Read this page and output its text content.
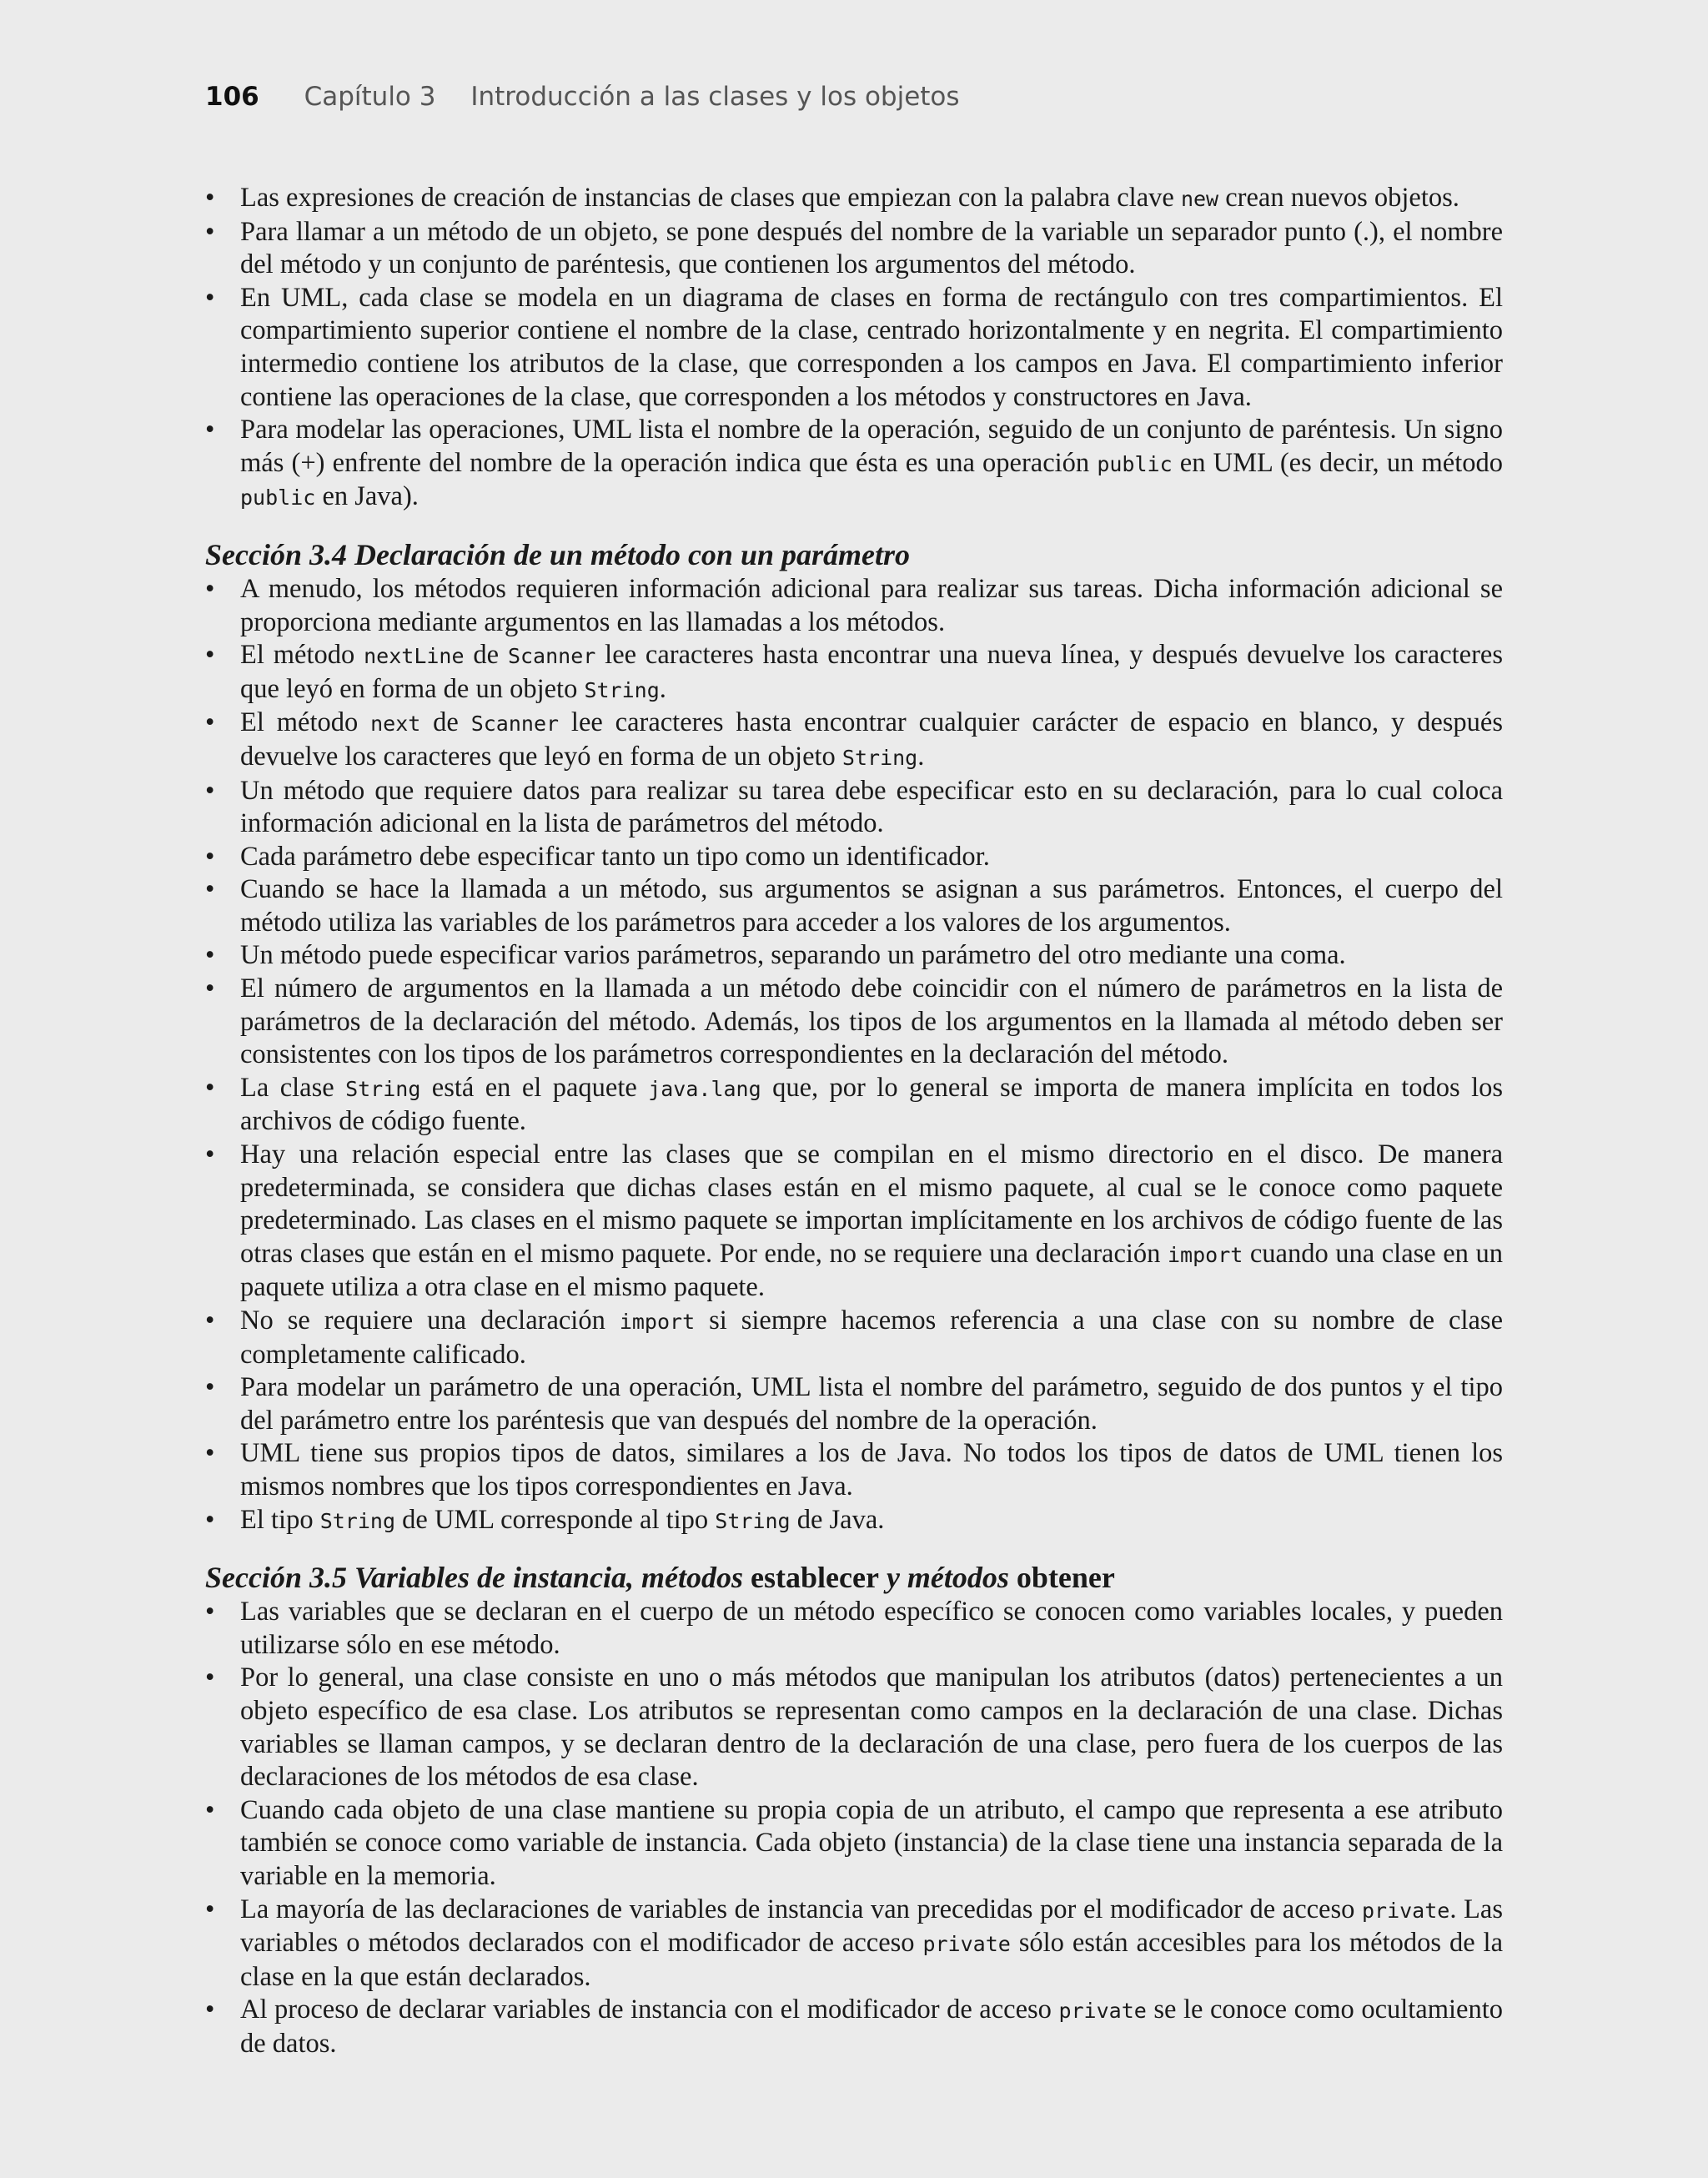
106 Capítulo 3 Introducción a las clases y los objetos
• Las expresiones de creación de instancias de clases que empiezan con la palabra clave new crean nuevos objetos.
• Para llamar a un método de un objeto, se pone después del nombre de la variable un separador punto (.), el nombre del método y un conjunto de paréntesis, que contienen los argumentos del método.
• En UML, cada clase se modela en un diagrama de clases en forma de rectángulo con tres compartimientos. El compartimiento superior contiene el nombre de la clase, centrado horizontalmente y en negrita. El compartimiento intermedio contiene los atributos de la clase, que corresponden a los campos en Java. El compartimiento inferior contiene las operaciones de la clase, que corresponden a los métodos y constructores en Java.
• Para modelar las operaciones, UML lista el nombre de la operación, seguido de un conjunto de paréntesis. Un signo más (+) enfrente del nombre de la operación indica que ésta es una operación public en UML (es decir, un método public en Java).
Sección 3.4 Declaración de un método con un parámetro
• A menudo, los métodos requieren información adicional para realizar sus tareas. Dicha información adicional se proporciona mediante argumentos en las llamadas a los métodos.
• El método nextLine de Scanner lee caracteres hasta encontrar una nueva línea, y después devuelve los caracteres que leyó en forma de un objeto String.
• El método next de Scanner lee caracteres hasta encontrar cualquier carácter de espacio en blanco, y después devuelve los caracteres que leyó en forma de un objeto String.
• Un método que requiere datos para realizar su tarea debe especificar esto en su declaración, para lo cual coloca información adicional en la lista de parámetros del método.
• Cada parámetro debe especificar tanto un tipo como un identificador.
• Cuando se hace la llamada a un método, sus argumentos se asignan a sus parámetros. Entonces, el cuerpo del método utiliza las variables de los parámetros para acceder a los valores de los argumentos.
• Un método puede especificar varios parámetros, separando un parámetro del otro mediante una coma.
• El número de argumentos en la llamada a un método debe coincidir con el número de parámetros en la lista de parámetros de la declaración del método. Además, los tipos de los argumentos en la llamada al método deben ser consistentes con los tipos de los parámetros correspondientes en la declaración del método.
• La clase String está en el paquete java.lang que, por lo general se importa de manera implícita en todos los archivos de código fuente.
• Hay una relación especial entre las clases que se compilan en el mismo directorio en el disco. De manera predeterminada, se considera que dichas clases están en el mismo paquete, al cual se le conoce como paquete predeterminado. Las clases en el mismo paquete se importan implícitamente en los archivos de código fuente de las otras clases que están en el mismo paquete. Por ende, no se requiere una declaración import cuando una clase en un paquete utiliza a otra clase en el mismo paquete.
• No se requiere una declaración import si siempre hacemos referencia a una clase con su nombre de clase completamente calificado.
• Para modelar un parámetro de una operación, UML lista el nombre del parámetro, seguido de dos puntos y el tipo del parámetro entre los paréntesis que van después del nombre de la operación.
• UML tiene sus propios tipos de datos, similares a los de Java. No todos los tipos de datos de UML tienen los mismos nombres que los tipos correspondientes en Java.
• El tipo String de UML corresponde al tipo String de Java.
Sección 3.5 Variables de instancia, métodos establecer y métodos obtener
• Las variables que se declaran en el cuerpo de un método específico se conocen como variables locales, y pueden utilizarse sólo en ese método.
• Por lo general, una clase consiste en uno o más métodos que manipulan los atributos (datos) pertenecientes a un objeto específico de esa clase. Los atributos se representan como campos en la declaración de una clase. Dichas variables se llaman campos, y se declaran dentro de la declaración de una clase, pero fuera de los cuerpos de las declaraciones de los métodos de esa clase.
• Cuando cada objeto de una clase mantiene su propia copia de un atributo, el campo que representa a ese atributo también se conoce como variable de instancia. Cada objeto (instancia) de la clase tiene una instancia separada de la variable en la memoria.
• La mayoría de las declaraciones de variables de instancia van precedidas por el modificador de acceso private. Las variables o métodos declarados con el modificador de acceso private sólo están accesibles para los métodos de la clase en la que están declarados.
• Al proceso de declarar variables de instancia con el modificador de acceso private se le conoce como ocultamiento de datos.
